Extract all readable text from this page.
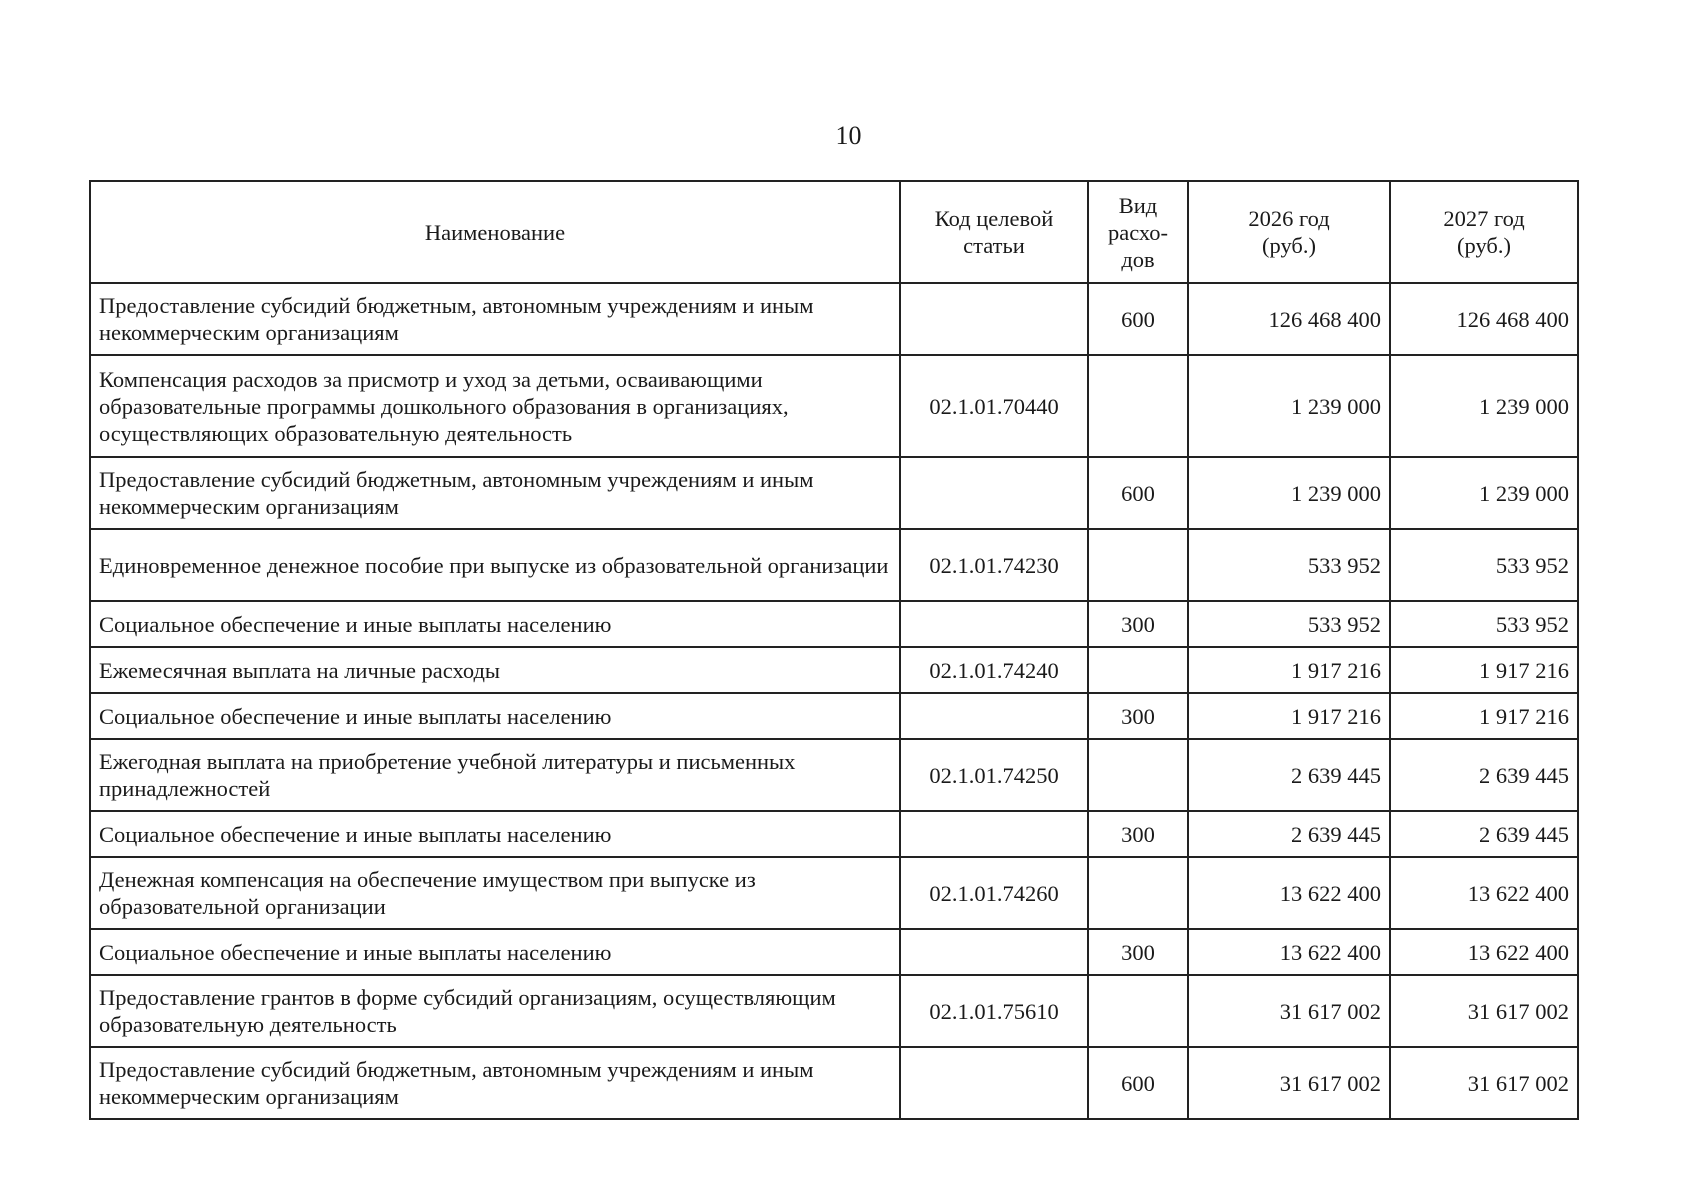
10
Наименование	Код целевой статьи	Вид расхо-дов	2026 год (руб.)	2027 год (руб.)
Предоставление субсидий бюджетным, автономным учреждениям и иным некоммерческим организациям		600	126 468 400	126 468 400
Компенсация расходов за присмотр и уход за детьми, осваивающими образовательные программы дошкольного образования в организациях, осуществляющих образовательную деятельность	02.1.01.70440		1 239 000	1 239 000
Предоставление субсидий бюджетным, автономным учреждениям и иным некоммерческим организациям		600	1 239 000	1 239 000
Единовременное денежное пособие при выпуске из образовательной организации	02.1.01.74230		533 952	533 952
Социальное обеспечение и иные выплаты населению		300	533 952	533 952
Ежемесячная выплата на личные расходы	02.1.01.74240		1 917 216	1 917 216
Социальное обеспечение и иные выплаты населению		300	1 917 216	1 917 216
Ежегодная выплата на приобретение учебной литературы и письменных принадлежностей	02.1.01.74250		2 639 445	2 639 445
Социальное обеспечение и иные выплаты населению		300	2 639 445	2 639 445
Денежная компенсация на обеспечение имуществом при выпуске из образовательной организации	02.1.01.74260		13 622 400	13 622 400
Социальное обеспечение и иные выплаты населению		300	13 622 400	13 622 400
Предоставление грантов в форме субсидий организациям, осуществляющим образовательную деятельность	02.1.01.75610		31 617 002	31 617 002
Предоставление субсидий бюджетным, автономным учреждениям и иным некоммерческим организациям		600	31 617 002	31 617 002
